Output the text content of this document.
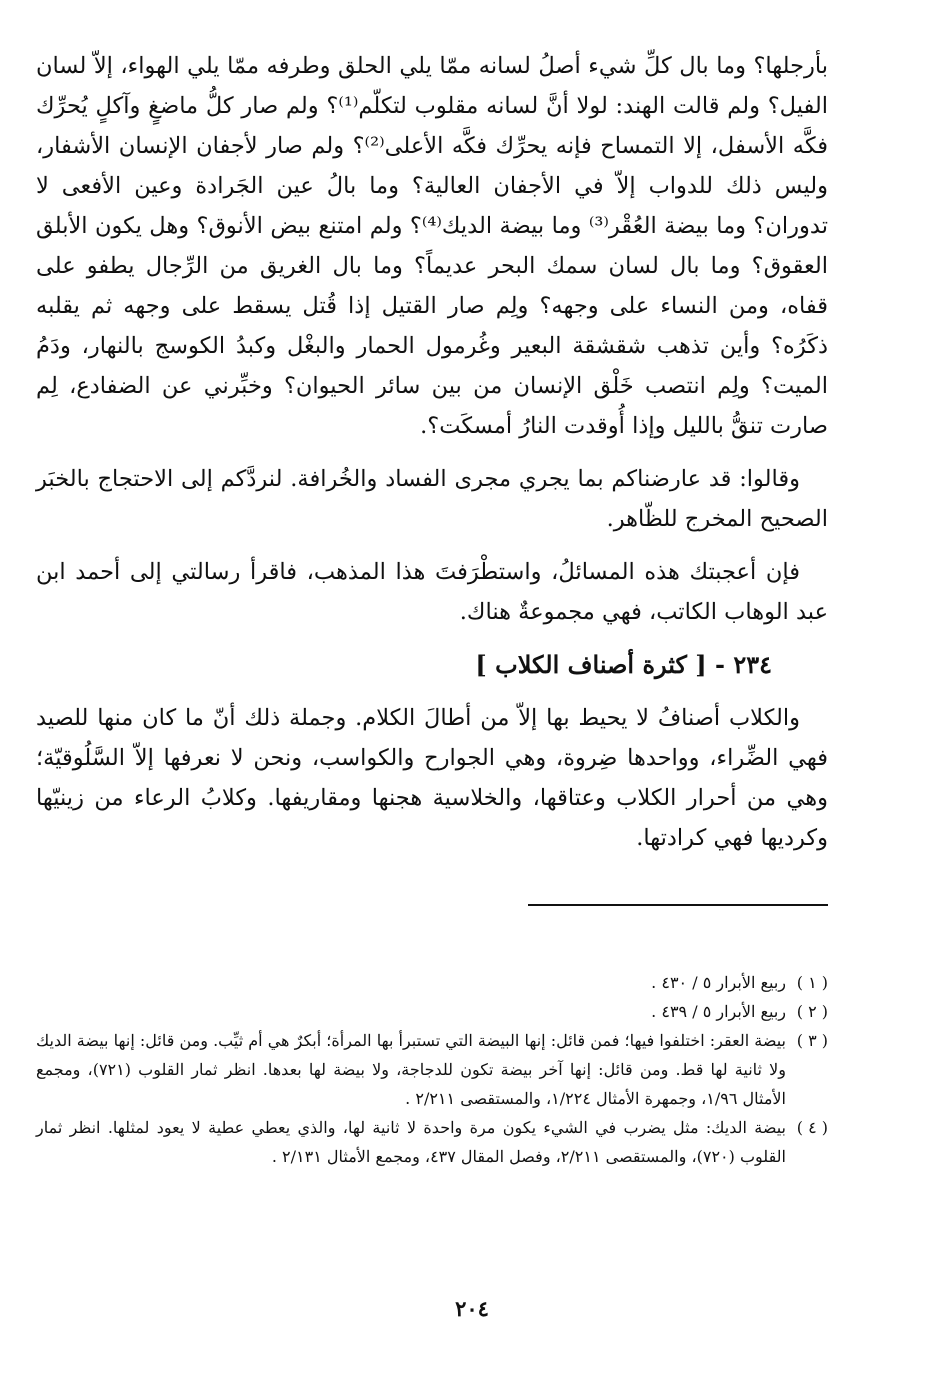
بأرجلها؟ وما بال كلِّ شيء أصلُ لسانه ممّا يلي الحلق وطرفه ممّا يلي الهواء، إلاّ لسان الفيل؟ ولم قالت الهند: لولا أنَّ لسانه مقلوب لتكلّم⁽¹⁾؟ ولم صار كلُّ ماضغٍ وآكلٍ يُحرِّك فكَّه الأسفل، إلا التمساح فإنه يحرِّك فكَّه الأعلى⁽²⁾؟ ولم صار لأجفان الإنسان الأشفار، وليس ذلك للدواب إلاّ في الأجفان العالية؟ وما بالُ عين الجَرادة وعين الأفعى لا تدوران؟ وما بيضة العُقْر⁽³⁾ وما بيضة الديك⁽⁴⁾؟ ولم امتنع بيض الأنوق؟ وهل يكون الأبلق العقوق؟ وما بال لسان سمك البحر عديماً؟ وما بال الغريق من الرِّجال يطفو على قفاه، ومن النساء على وجهه؟ ولِم صار القتيل إذا قُتل يسقط على وجهه ثم يقلبه ذكَرُه؟ وأين تذهب شقشقة البعير وغُرمول الحمار والبغْل وكبدُ الكوسج بالنهار، ودَمُ الميت؟ ولِم انتصب خَلْق الإنسان من بين سائر الحيوان؟ وخبِّرني عن الضفادع، لِم صارت تنقُّ بالليل وإذا أُوقدت النارُ أمسكَت؟.

وقالوا: قد عارضناكم بما يجري مجرى الفساد والخُرافة. لنردَّكم إلى الاحتجاج بالخبَر الصحيح المخرج للظّاهر.

فإن أعجبتك هذه المسائلُ، واستطْرَفتَ هذا المذهب، فاقرأ رسالتي إلى أحمد ابن عبد الوهاب الكاتب، فهي مجموعةٌ هناك.

٢٣٤ - [ كثرة أصناف الكلاب ]

والكلاب أصنافُ لا يحيط بها إلاّ من أطالَ الكلام. وجملة ذلك أنّ ما كان منها للصيد فهي الضِّراء، وواحدها ضِروة، وهي الجوارح والكواسب، ونحن لا نعرفها إلاّ السَّلُوقيّة؛ وهي من أحرار الكلاب وعتاقها، والخلاسية هجنها ومقاريفها. وكلابُ الرعاء من زينيّها وكرديها فهي كرادتها.

( ١ )
ربيع الأبرار ٥ / ٤٣٠ .
( ٢ )
ربيع الأبرار ٥ / ٤٣٩ .
( ٣ )
بيضة العقر: اختلفوا فيها؛ فمن قائل: إنها البيضة التي تستبرأ بها المرأة؛ أبكرٌ هي أم ثيِّب. ومن قائل: إنها بيضة الديك ولا ثانية لها قط. ومن قائل: إنها آخر بيضة تكون للدجاجة، ولا بيضة لها بعدها. انظر ثمار القلوب (٧٢١)، ومجمع الأمثال ١/٩٦، وجمهرة الأمثال ١/٢٢٤، والمستقصى ٢/٢١١ .
( ٤ )
بيضة الديك: مثل يضرب في الشيء يكون مرة واحدة لا ثانية لها، والذي يعطي عطية لا يعود لمثلها. انظر ثمار القلوب (٧٢٠)، والمستقصى ٢/٢١١، وفصل المقال ٤٣٧، ومجمع الأمثال ٢/١٣١ .
٢٠٤
